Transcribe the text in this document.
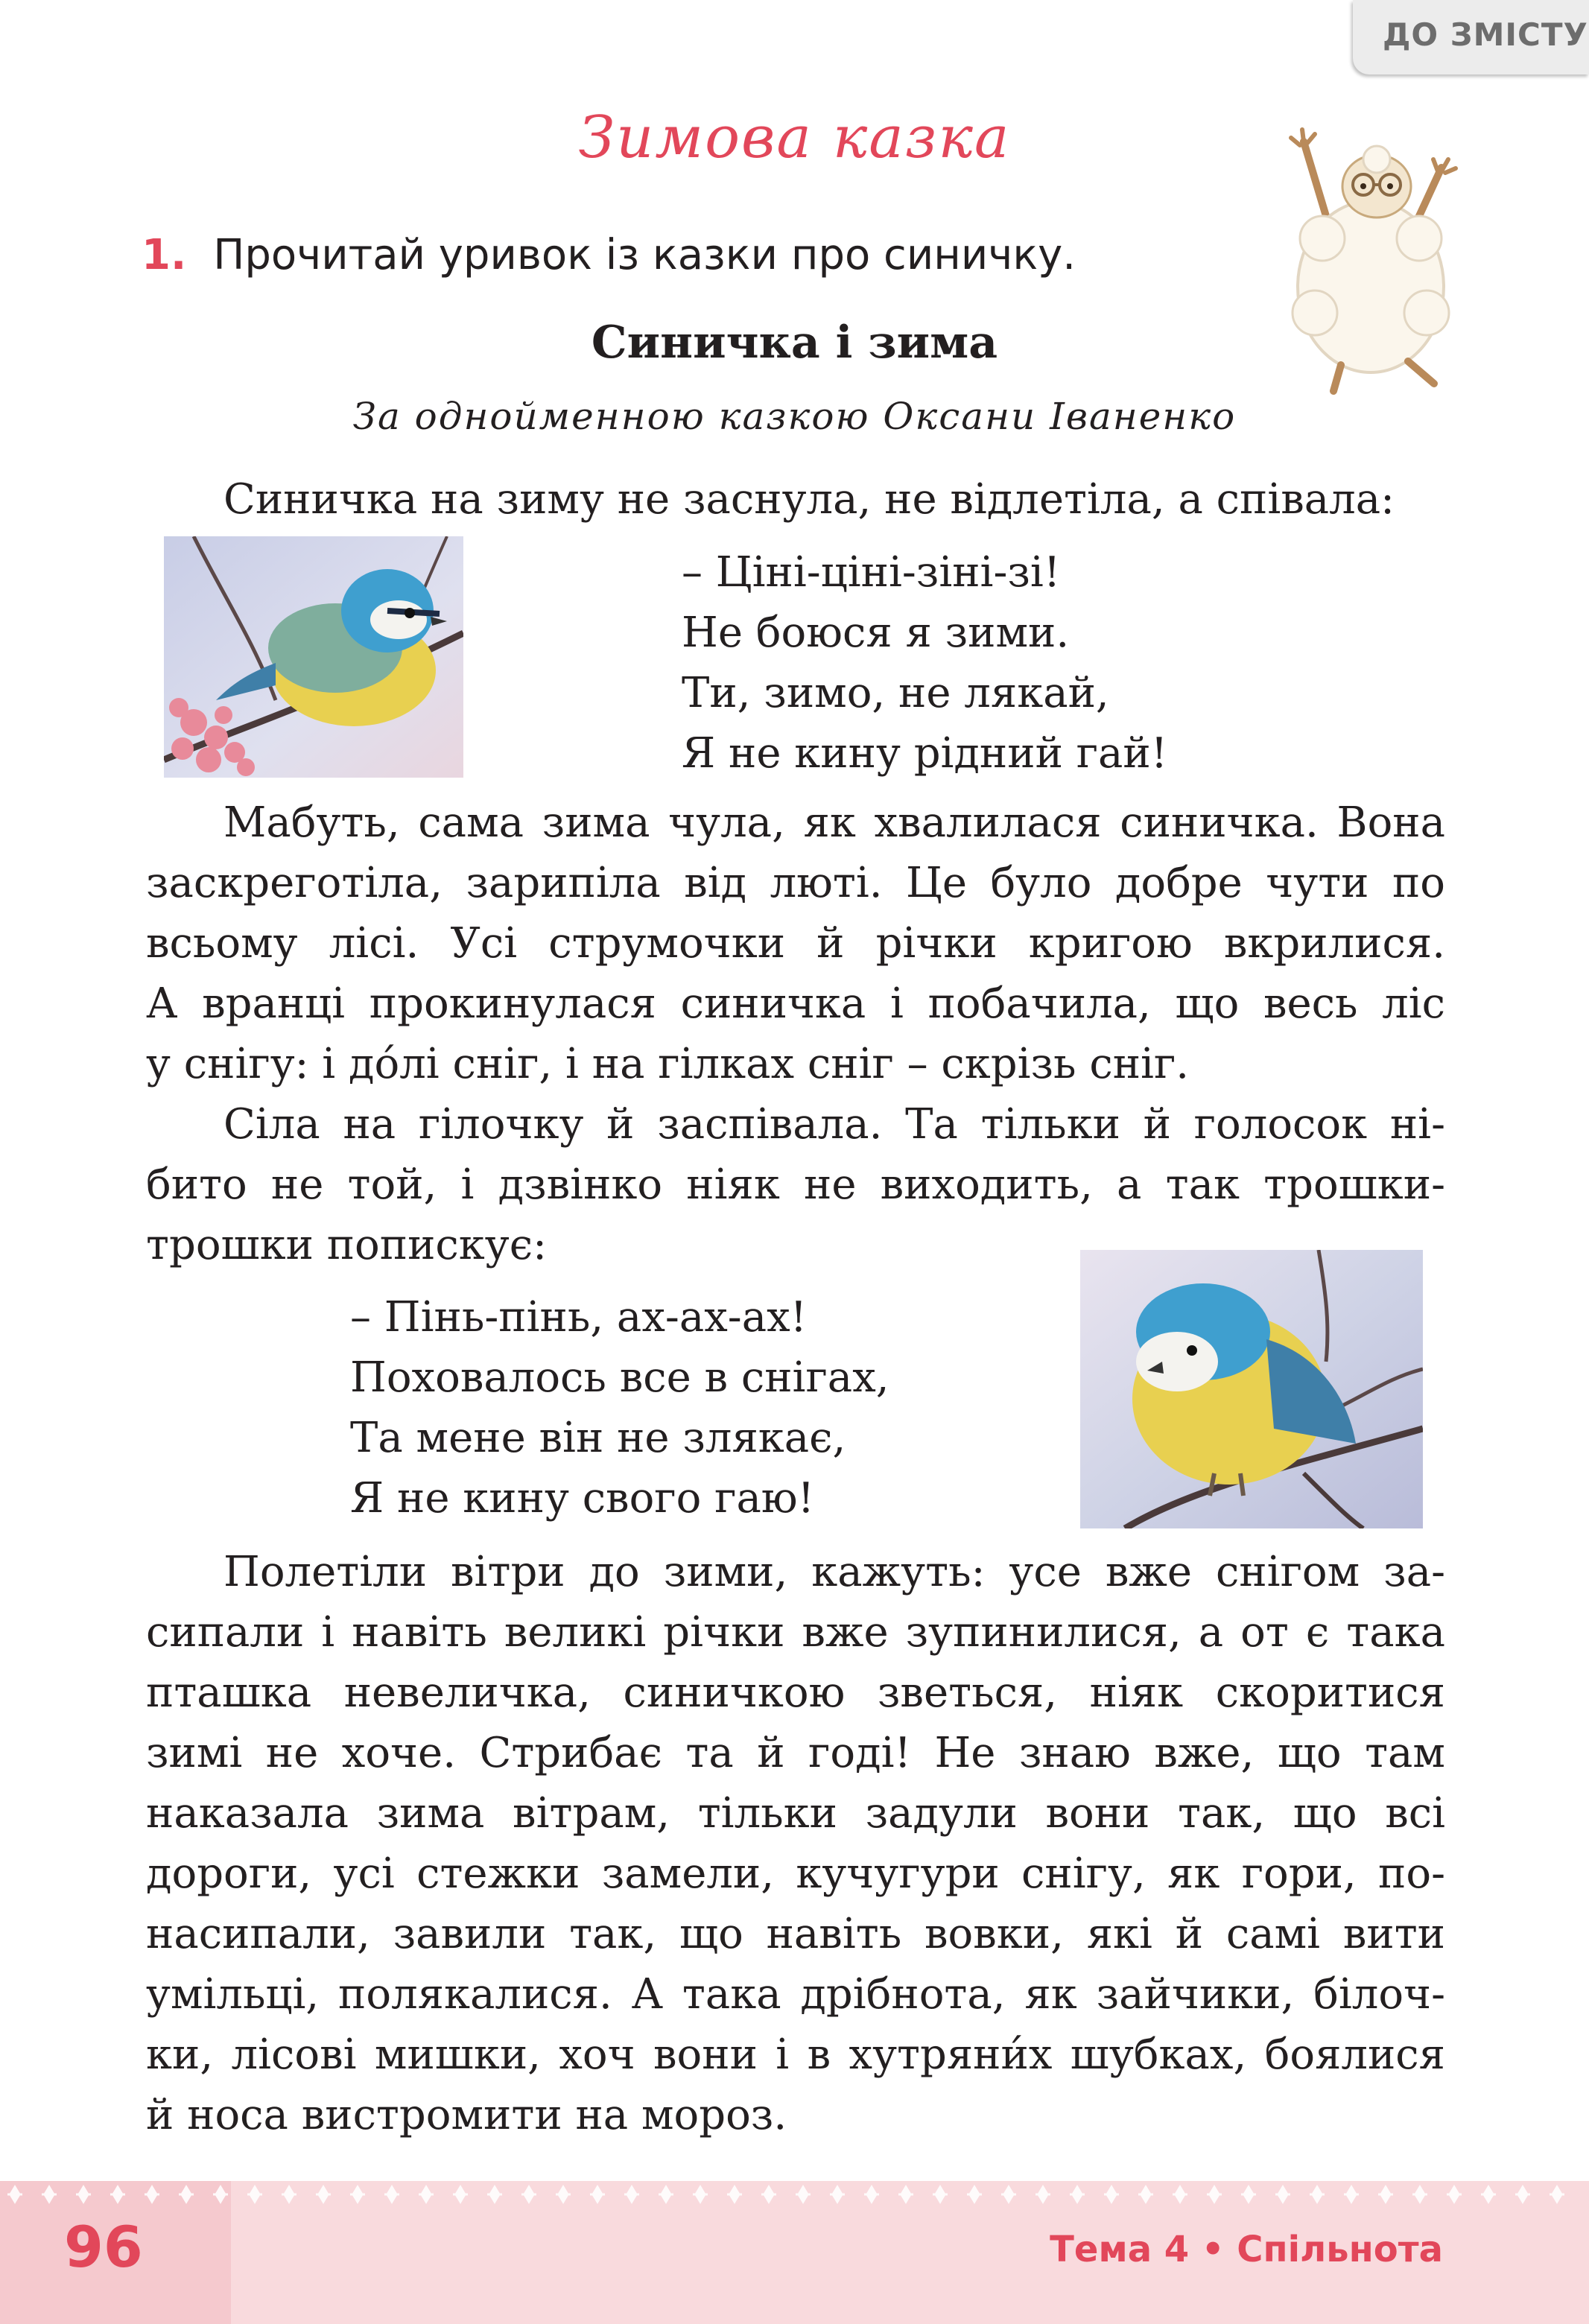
ДО ЗМІСТУ
Зимова казка
1. Прочитай уривок із казки про синичку.
Синичка і зима
За однойменною казкою Оксани Іваненко
Синичка на зиму не заснула, не відлетіла, а співала:
– Ціні-ціні-зіні-зі!
Не боюся я зими.
Ти, зимо, не лякай,
Я не кину рідний гай!
Мабуть, сама зима чула, як хвалилася синичка. Вона
заскреготіла, зарипіла від люті. Це було добре чути по
всьому лісі. Усі струмочки й річки кригою вкрилися.
А вранці прокинулася синичка і побачила, що весь ліс
у снігу: і до́лі сніг, і на гілках сніг – скрізь сніг.
Сіла на гілочку й заспівала. Та тільки й голосок ні-
бито не той, і дзвінко ніяк не виходить, а так трошки-
трошки попискує:
– Пінь-пінь, ах-ах-ах!
Поховалось все в снігах,
Та мене він не злякає,
Я не кину свого гаю!
Полетіли вітри до зими, кажуть: усе вже снігом за-
сипали і навіть великі річки вже зупинилися, а от є така
пташка невеличка, синичкою зветься, ніяк скоритися
зимі не хоче. Стрибає та й годі! Не знаю вже, що там
наказала зима вітрам, тільки задули вони так, що всі
дороги, усі стежки замели, кучугури снігу, як гори, по-
насипали, завили так, що навіть вовки, які й самі вити
умільці, полякалися. А така дрібнота, як зайчики, білоч-
ки, лісові мишки, хоч вони і в хутряни́х шубках, боялися
й носа вистромити на мороз.
96	Тема 4 • Спільнота
